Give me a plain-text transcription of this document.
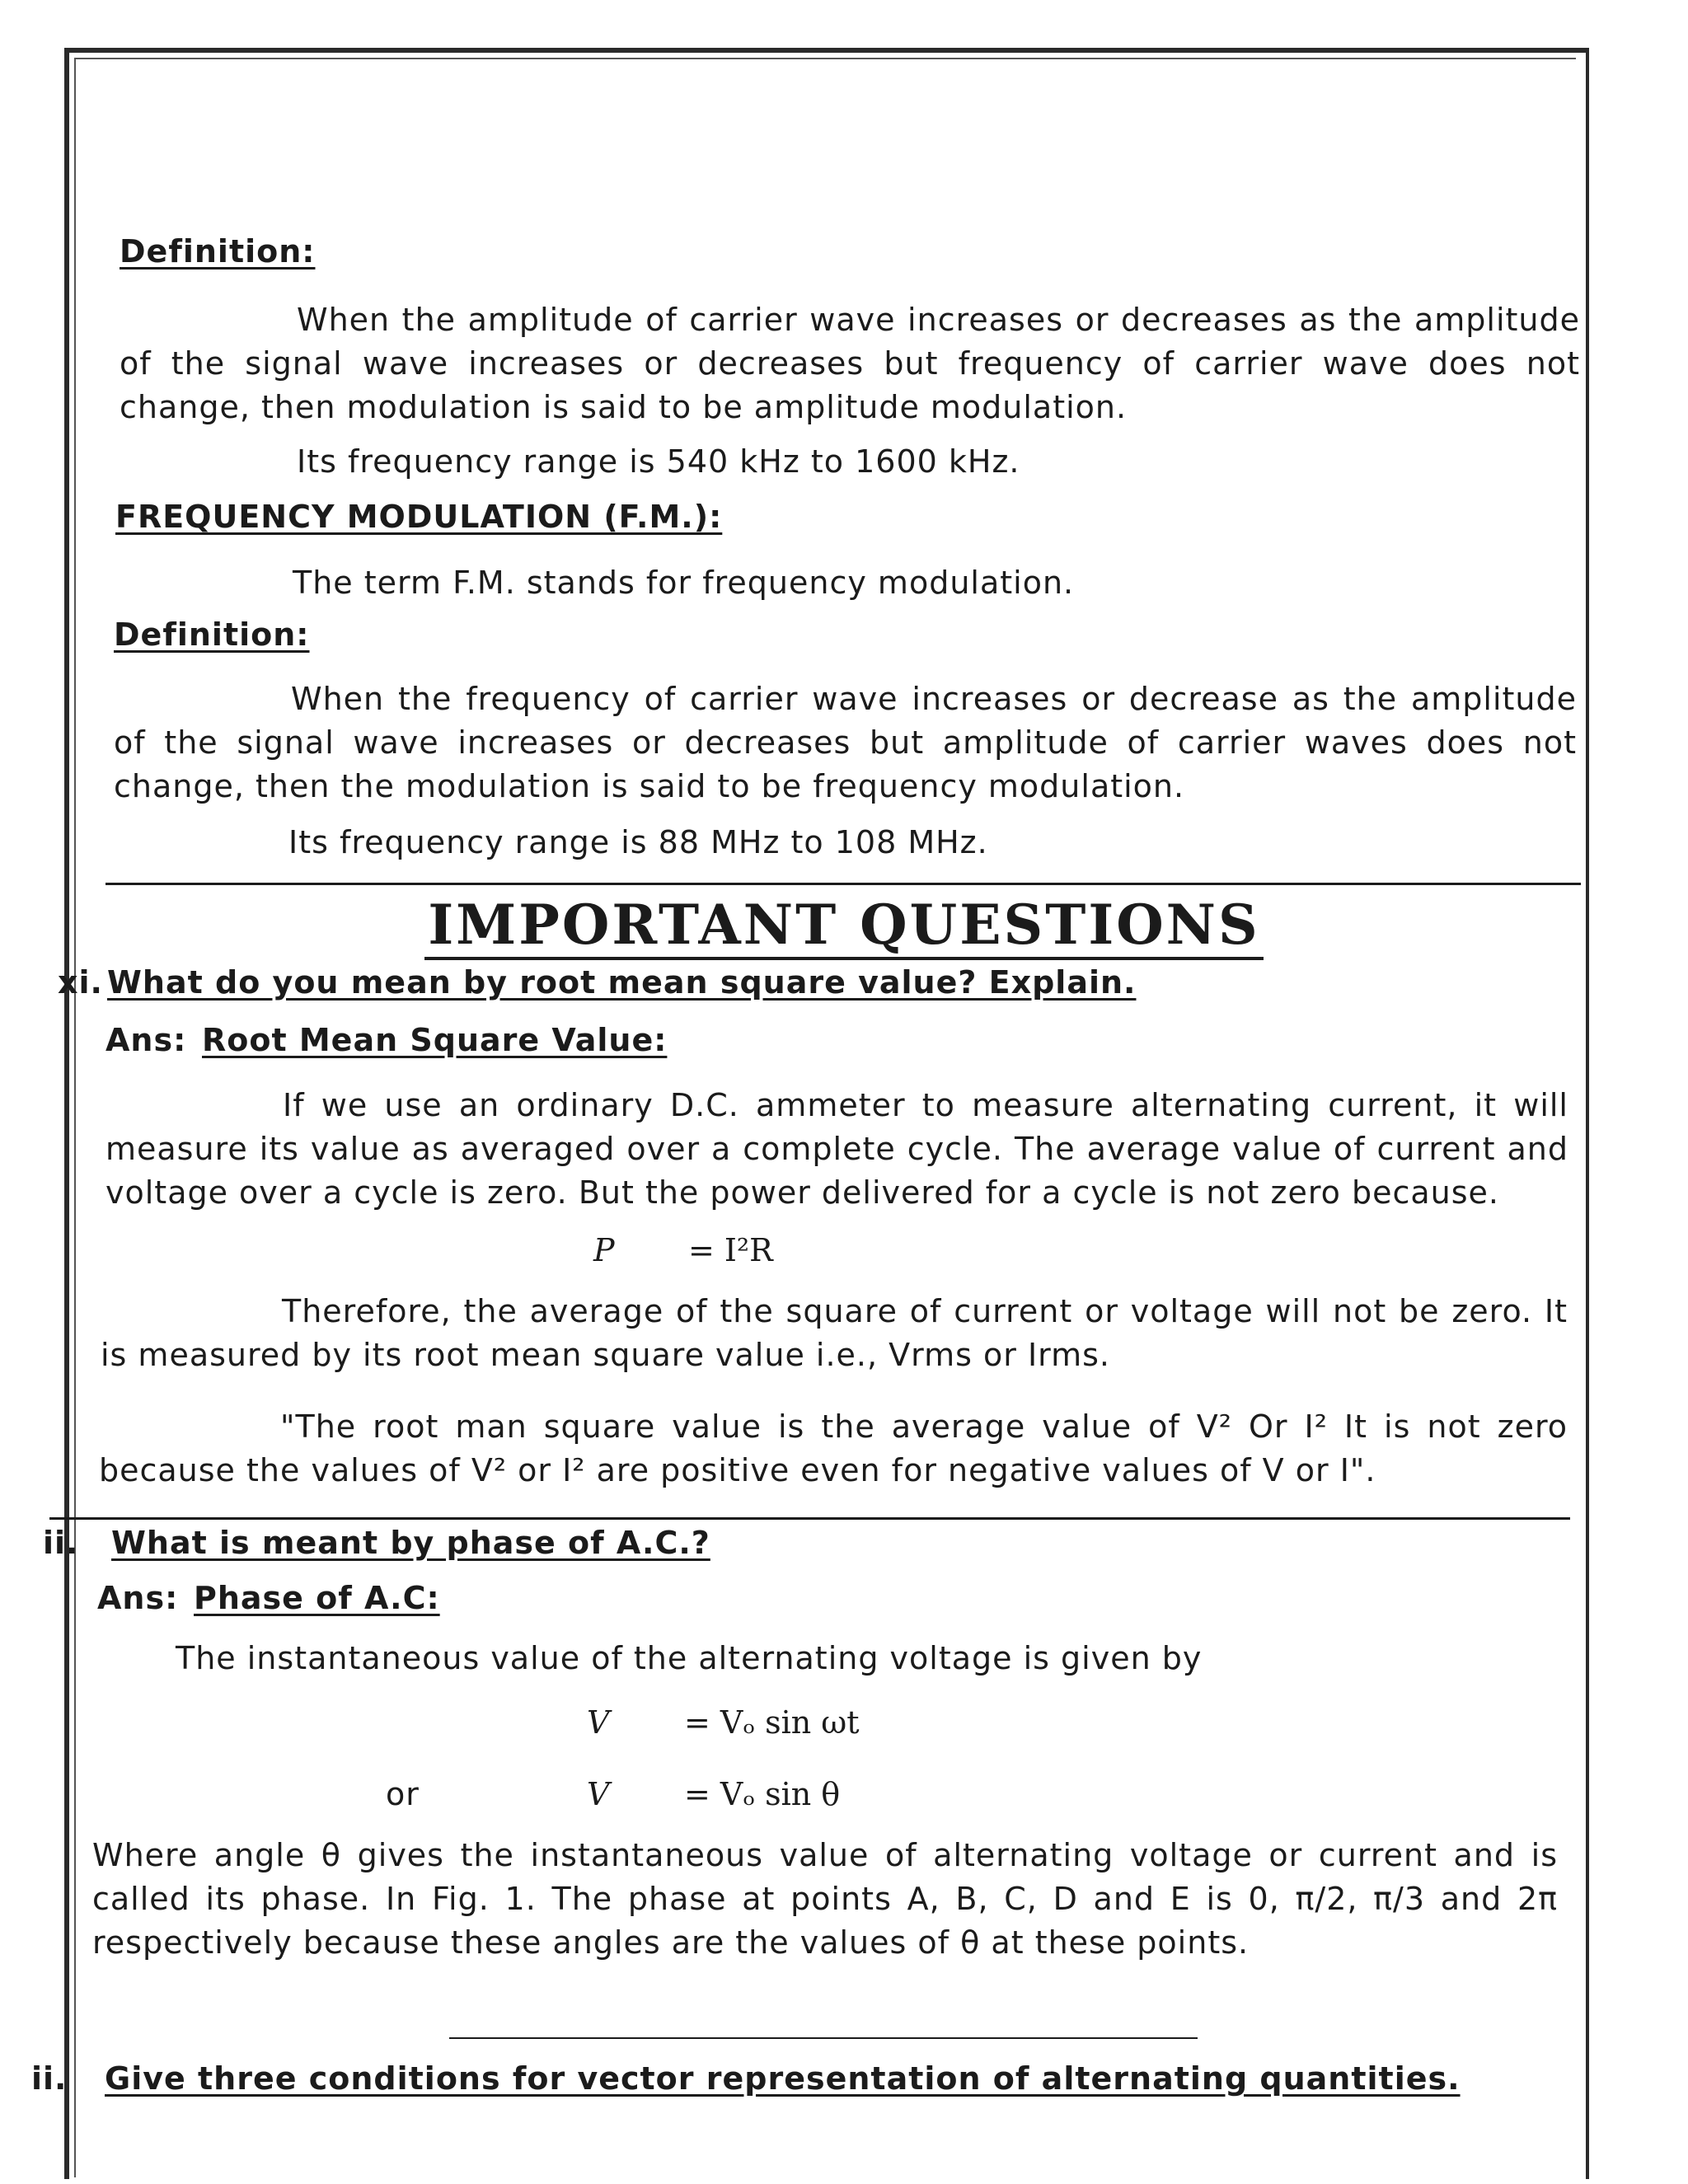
Definition:
When the amplitude of carrier wave increases or decreases as the amplitude of the signal wave increases or decreases but frequency of carrier wave does not change, then modulation is said to be amplitude modulation.
Its frequency range is 540 kHz to 1600 kHz.
FREQUENCY MODULATION (F.M.):
The term F.M. stands for frequency modulation.
Definition:
When the frequency of carrier wave increases or decrease as the amplitude of the signal wave increases or decreases but amplitude of carrier waves does not change, then the modulation is said to be frequency modulation.
Its frequency range is 88 MHz to 108 MHz.
IMPORTANT QUESTIONS
xi. What do you mean by root mean square value? Explain.
Ans: Root Mean Square Value:
If we use an ordinary D.C. ammeter to measure alternating current, it will measure its value as averaged over a complete cycle. The average value of current and voltage over a cycle is zero. But the power delivered for a cycle is not zero because.
P = I²R
Therefore, the average of the square of current or voltage will not be zero. It is measured by its root mean square value i.e., Vrms or Irms.
"The root man square value is the average value of V² Or I² It is not zero because the values of V² or I² are positive even for negative values of V or I".
ii. What is meant by phase of A.C.?
Ans: Phase of A.C:
The instantaneous value of the alternating voltage is given by
V = Vₒ sin ωt
or	V = Vₒ sin θ
Where angle θ gives the instantaneous value of alternating voltage or current and is called its phase. In Fig. 1. The phase at points A, B, C, D and E is 0, π/2, π/3 and 2π respectively because these angles are the values of θ at these points.
ii. Give three conditions for vector representation of alternating quantities.
